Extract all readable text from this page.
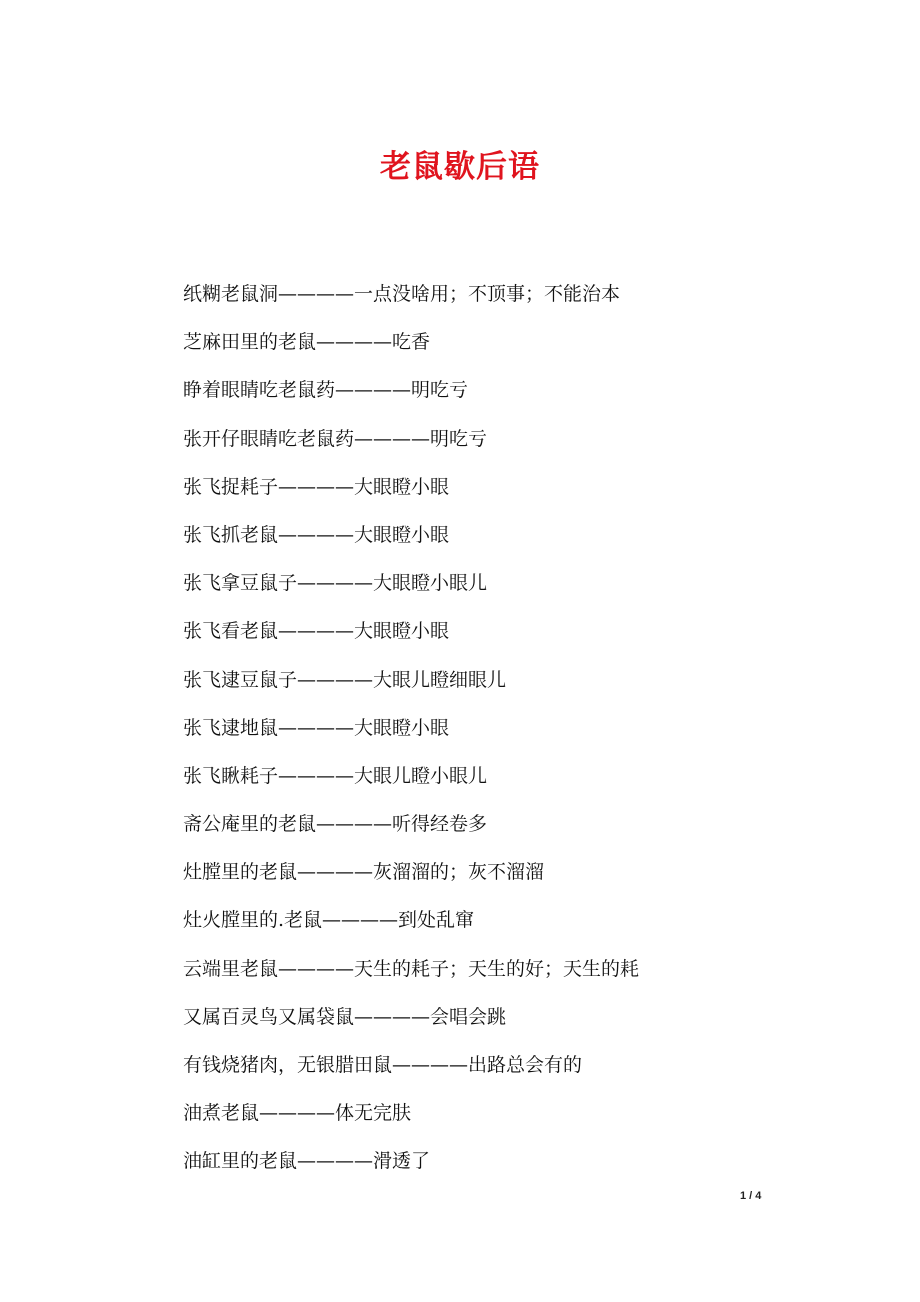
老鼠歇后语
纸糊老鼠洞————一点没啥用；不顶事；不能治本
芝麻田里的老鼠————吃香
睁着眼睛吃老鼠药————明吃亏
张开仔眼睛吃老鼠药————明吃亏
张飞捉耗子————大眼瞪小眼
张飞抓老鼠————大眼瞪小眼
张飞拿豆鼠子————大眼瞪小眼儿
张飞看老鼠————大眼瞪小眼
张飞逮豆鼠子————大眼儿瞪细眼儿
张飞逮地鼠————大眼瞪小眼
张飞瞅耗子————大眼儿瞪小眼儿
斋公庵里的老鼠————听得经卷多
灶膛里的老鼠————灰溜溜的；灰不溜溜
灶火膛里的.老鼠————到处乱窜
云端里老鼠————天生的耗子；天生的好；天生的耗
又属百灵鸟又属袋鼠————会唱会跳
有钱烧猪肉，无银腊田鼠————出路总会有的
油煮老鼠————体无完肤
油缸里的老鼠————滑透了
1 / 4
